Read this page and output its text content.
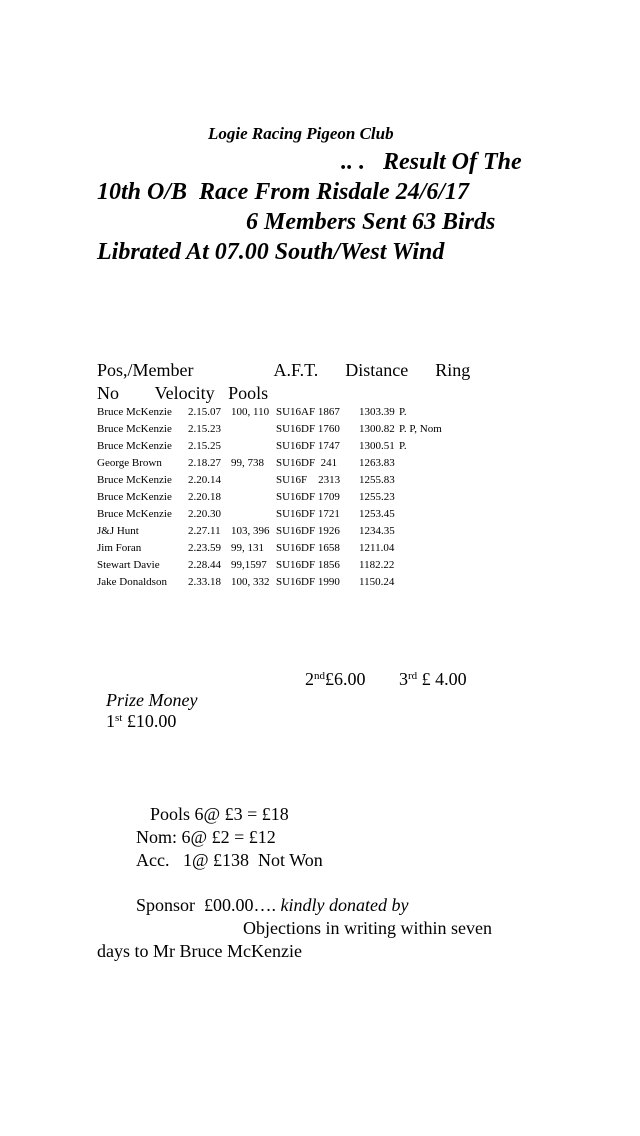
Logie Racing Pigeon Club
.. .   Result Of The
10th O/B  Race From Risdale 24/6/17
6 Members Sent 63 Birds
Librated At 07.00 South/West Wind
Pos,/Member                  A.F.T.      Distance      Ring
No        Velocity   Pools
Bruce McKenzie 2.15.07 100, 110 SU16AF 1867 1303.39 P.
Bruce McKenzie 2.15.23	SU16DF 1760 1300.82 P. P, Nom
Bruce McKenzie 2.15.25	SU16DF 1747 1300.51 P.
George Brown 2.18.27 99, 738 SU16DF  241 1263.83
Bruce McKenzie 2.20.14	SU16F    2313 1255.83
Bruce McKenzie 2.20.18	SU16DF 1709 1255.23
Bruce McKenzie 2.20.30	SU16DF 1721 1253.45
J&J Hunt	2.27.11 103, 396 SU16DF 1926 1234.35
Jim Foran	2.23.59 99, 131 SU16DF 1658 1211.04
Stewart Davie	2.28.44 99,1597 SU16DF 1856 1182.22
Jake Donaldson 2.33.18 100, 332 SU16DF 1990 1150.24

Prize Money
1st £10.00

2nd£6.00 3rd £ 4.00
Pools 6@ £3 = £18
Nom: 6@ £2 = £12
Acc.   1@ £138  Not Won
Sponsor  £00.00…. kindly donated by
Objections in writing within seven
days to Mr Bruce McKenzie
